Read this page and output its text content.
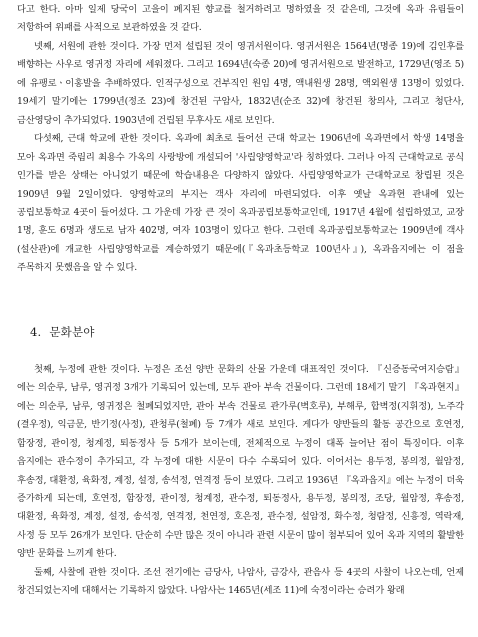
다고 한다. 아마 일제 당국이 고을이 폐지된 향교를 철거하려고 명하였을 것 같은데, 그것에 옥과 유림들이 저항하여 위패를 사적으로 보관하였을 것 같다.

넷째, 서원에 관한 것이다. 가장 먼저 설립된 것이 영귀서원이다. 영귀서원은 1564년(명종 19)에 김인후를 배향하는 사우로 영귀정 자리에 세워졌다. 그리고 1694년(숙종 20)에 영귀서원으로 발전하고, 1729년(영조 5)에 유팽로ㆍ이홍발을 추배하였다. 인적구성으로 건부직인 원임 4명, 액내원생 28명, 액외원생 13명이 있었다. 19세기 말기에는 1799년(정조 23)에 창건된 구암사, 1832년(순조 32)에 창건된 창의사, 그리고 청단사, 금산영당이 추가되었다. 1903년에 건립된 무후사도 새로 보인다.

다섯째, 근대 학교에 관한 것이다. 옥과에 최초로 들어선 근대 학교는 1906년에 옥과면에서 학생 14명을 모아 옥과면 죽림리 최용수 가옥의 사랑방에 개설되어 '사립양영학교'라 칭하였다. 그러나 아직 근대학교로 공식 인가를 받은 상태는 아니었기 때문에 학습내용은 다양하지 않았다. 사립양영학교가 근대학교로 창립된 것은 1909년 9월 2일이었다. 양영학교의 부지는 객사 자리에 마련되었다. 이후 옛날 옥과현 관내에 있는 공립보통학교 4곳이 들어섰다. 그 가운데 가장 큰 것이 옥과공립보통학교인데, 1917년 4월에 설립하였고, 교장 1명, 훈도 6명과 생도로 남자 402명, 여자 103명이 있다고 한다. 그런데 옥과공립보통학교는 1909년에 객사(설산관)에 개교한 사립양영학교를 계승하였기 때문에(『옥과초등학교 100년사』), 옥과읍지에는 이 점을 주목하지 못했음을 알 수 있다.

4. 문화분야

첫째, 누정에 관한 것이다. 누정은 조선 양반 문화의 산물 가운데 대표적인 것이다. 『신증동국여지승람』에는 의순루, 남루, 영귀정 3개가 기록되어 있는데, 모두 관아 부속 건물이다. 그런데 18세기 말기 『옥과현지』에는 의순루, 남루, 영귀정은 철폐되었지만, 관아 부속 건물로 관가루(벽호루), 부해루, 합벽정(지휘정), 노주각(결우정), 익금문, 반기정(사정), 관청루(철폐) 등 7개가 새로 보인다. 게다가 양반들의 활동 공간으로 호연정, 함장정, 관이정, 청계정, 퇴동정사 등 5개가 보이는데, 전체적으로 누정이 대폭 늘어난 점이 특징이다. 이후 읍지에는 관수정이 추가되고, 각 누정에 대한 시문이 다수 수록되어 있다. 이어서는 용두정, 봉의정, 월암정, 후송정, 대환정, 육화정, 계정, 설정, 송석정, 연격정 등이 보였다. 그리고 1936년 『옥과읍지』에는 누정이 더욱 증가하게 되는데, 호연정, 함장정, 관이정, 청계정, 관수정, 퇴동정사, 용두정, 봉의정, 조당, 월암정, 후송정, 대환정, 육화정, 계정, 설정, 송석정, 연격정, 천연정, 호은정, 관수정, 설암정, 화수정, 청람정, 신흥정, 역락재, 사정 등 모두 26개가 보인다. 단순히 수만 많은 것이 아니라 관련 시문이 많이 첨부되어 있어 옥과 지역의 활발한 양반 문화를 느끼게 한다.

둘째, 사찰에 관한 것이다. 조선 전기에는 금당사, 나암사, 금강사, 관음사 등 4곳의 사찰이 나오는데, 언제 창건되었는지에 대해서는 기록하지 않았다. 나암사는 1465년(세조 11)에 숙정이라는 승려가 왕래
